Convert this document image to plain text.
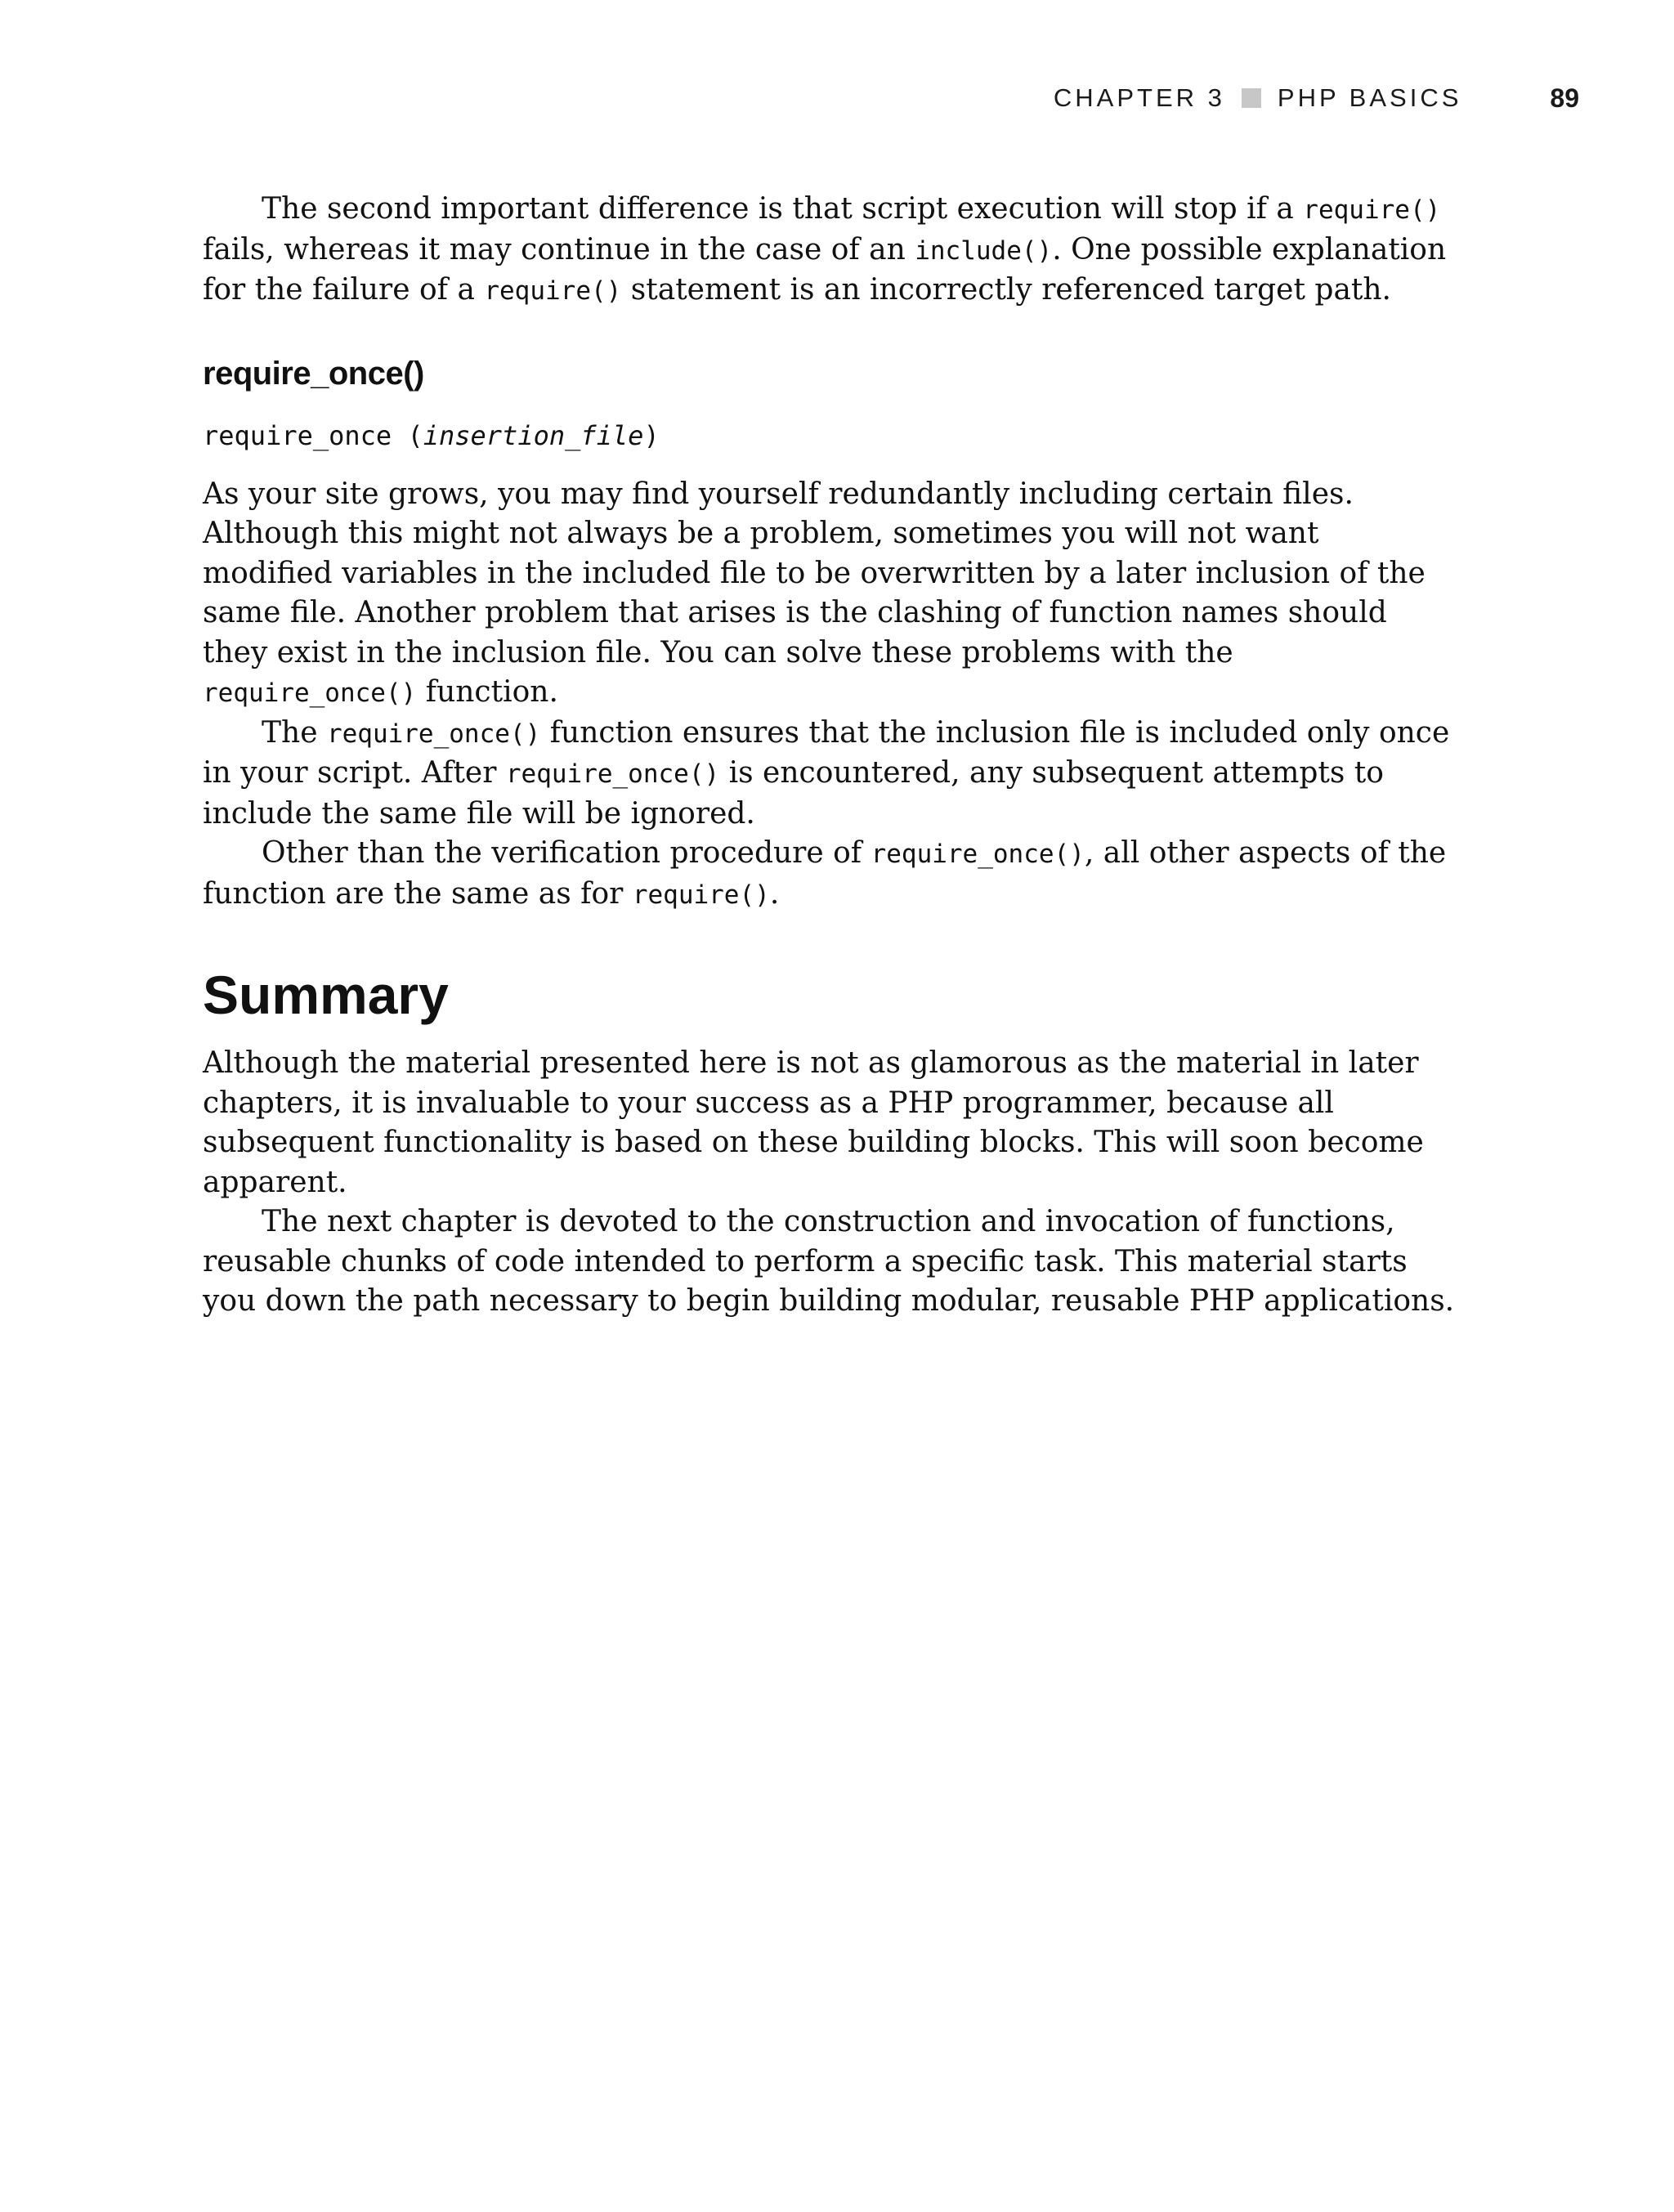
CHAPTER 3 PHP BASICS	89

The second important difference is that script execution will stop if a require() fails, whereas it may continue in the case of an include(). One possible explanation for the failure of a require() statement is an incorrectly referenced target path.

require_once()
require_once (insertion_file)

As your site grows, you may find yourself redundantly including certain files. Although this might not always be a problem, sometimes you will not want modified variables in the included file to be overwritten by a later inclusion of the same file. Another problem that arises is the clashing of function names should they exist in the inclusion file. You can solve these problems with the require_once() function.

The require_once() function ensures that the inclusion file is included only once in your script. After require_once() is encountered, any subsequent attempts to include the same file will be ignored.

Other than the verification procedure of require_once(), all other aspects of the function are the same as for require().

Summary

Although the material presented here is not as glamorous as the material in later chapters, it is invaluable to your success as a PHP programmer, because all subsequent functionality is based on these building blocks. This will soon become apparent.

The next chapter is devoted to the construction and invocation of functions, reusable chunks of code intended to perform a specific task. This material starts you down the path necessary to begin building modular, reusable PHP applications.
